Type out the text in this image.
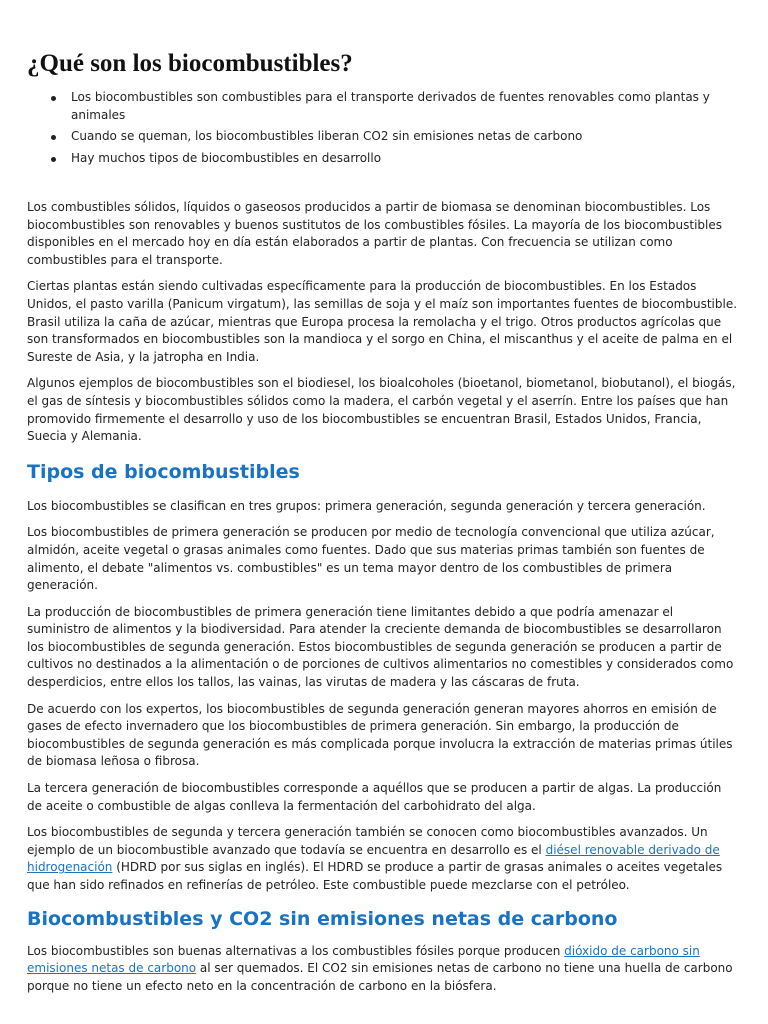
¿Qué son los biocombustibles?
Los biocombustibles son combustibles para el transporte derivados de fuentes renovables como plantas y animales
Cuando se queman, los biocombustibles liberan CO2 sin emisiones netas de carbono
Hay muchos tipos de biocombustibles en desarrollo

Los combustibles sólidos, líquidos o gaseosos producidos a partir de biomasa se denominan biocombustibles. Los biocombustibles son renovables y buenos sustitutos de los combustibles fósiles. La mayoría de los biocombustibles disponibles en el mercado hoy en día están elaborados a partir de plantas. Con frecuencia se utilizan como combustibles para el transporte.

Ciertas plantas están siendo cultivadas específicamente para la producción de biocombustibles. En los Estados Unidos, el pasto varilla (Panicum virgatum), las semillas de soja y el maíz son importantes fuentes de biocombustible. Brasil utiliza la caña de azúcar, mientras que Europa procesa la remolacha y el trigo. Otros productos agrícolas que son transformados en biocombustibles son la mandioca y el sorgo en China, el miscanthus y el aceite de palma en el Sureste de Asia, y la jatropha en India.

Algunos ejemplos de biocombustibles son el biodiesel, los bioalcoholes (bioetanol, biometanol, biobutanol), el biogás, el gas de síntesis y biocombustibles sólidos como la madera, el carbón vegetal y el aserrín. Entre los países que han promovido firmemente el desarrollo y uso de los biocombustibles se encuentran Brasil, Estados Unidos, Francia, Suecia y Alemania.

Tipos de biocombustibles

Los biocombustibles se clasifican en tres grupos: primera generación, segunda generación y tercera generación.

Los biocombustibles de primera generación se producen por medio de tecnología convencional que utiliza azúcar, almidón, aceite vegetal o grasas animales como fuentes. Dado que sus materias primas también son fuentes de alimento, el debate "alimentos vs. combustibles" es un tema mayor dentro de los combustibles de primera generación.

La producción de biocombustibles de primera generación tiene limitantes debido a que podría amenazar el suministro de alimentos y la biodiversidad. Para atender la creciente demanda de biocombustibles se desarrollaron los biocombustibles de segunda generación. Estos biocombustibles de segunda generación se producen a partir de cultivos no destinados a la alimentación o de porciones de cultivos alimentarios no comestibles y considerados como desperdicios, entre ellos los tallos, las vainas, las virutas de madera y las cáscaras de fruta.

De acuerdo con los expertos, los biocombustibles de segunda generación generan mayores ahorros en emisión de gases de efecto invernadero que los biocombustibles de primera generación. Sin embargo, la producción de biocombustibles de segunda generación es más complicada porque involucra la extracción de materias primas útiles de biomasa leñosa o fibrosa.

La tercera generación de biocombustibles corresponde a aquéllos que se producen a partir de algas. La producción de aceite o combustible de algas conlleva la fermentación del carbohidrato del alga.

Los biocombustibles de segunda y tercera generación también se conocen como biocombustibles avanzados. Un ejemplo de un biocombustible avanzado que todavía se encuentra en desarrollo es el diésel renovable derivado de hidrogenación (HDRD por sus siglas en inglés). El HDRD se produce a partir de grasas animales o aceites vegetales que han sido refinados en refinerías de petróleo. Este combustible puede mezclarse con el petróleo.

Biocombustibles y CO2 sin emisiones netas de carbono

Los biocombustibles son buenas alternativas a los combustibles fósiles porque producen dióxido de carbono sin emisiones netas de carbono al ser quemados. El CO2 sin emisiones netas de carbono no tiene una huella de carbono porque no tiene un efecto neto en la concentración de carbono en la biósfera.
